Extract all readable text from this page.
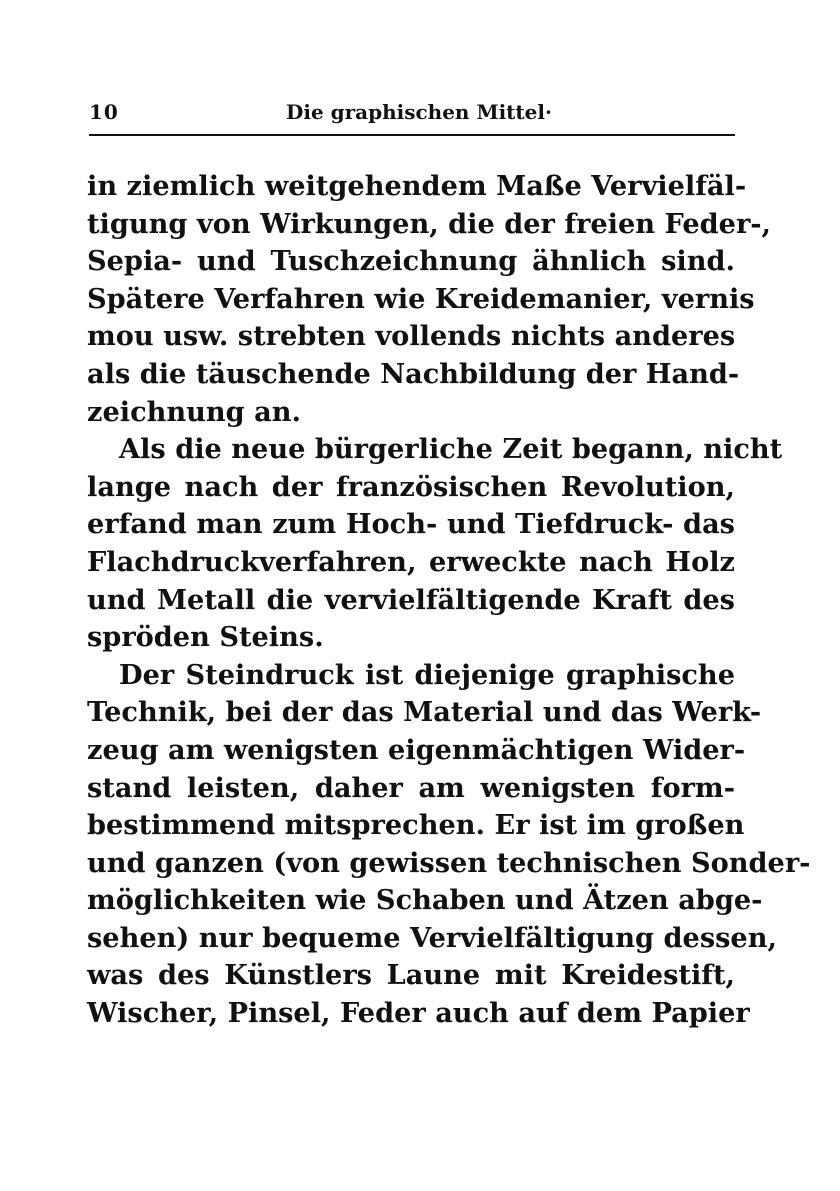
10	Die graphischen Mittel·
in ziemlich weitgehendem Maße Vervielfäl-
tigung von Wirkungen, die der freien Feder-,
Sepia- und Tuschzeichnung ähnlich sind.
Spätere Verfahren wie Kreidemanier, vernis
mou usw. strebten vollends nichts anderes
als die täuschende Nachbildung der Hand-
zeichnung an.
Als die neue bürgerliche Zeit begann, nicht
lange nach der französischen Revolution,
erfand man zum Hoch- und Tiefdruck- das
Flachdruckverfahren, erweckte nach Holz
und Metall die vervielfältigende Kraft des
spröden Steins.
Der Steindruck ist diejenige graphische
Technik, bei der das Material und das Werk-
zeug am wenigsten eigenmächtigen Wider-
stand leisten, daher am wenigsten form-
bestimmend mitsprechen. Er ist im großen
und ganzen (von gewissen technischen Sonder-
möglichkeiten wie Schaben und Ätzen abge-
sehen) nur bequeme Vervielfältigung dessen,
was des Künstlers Laune mit Kreidestift,
Wischer, Pinsel, Feder auch auf dem Papier
